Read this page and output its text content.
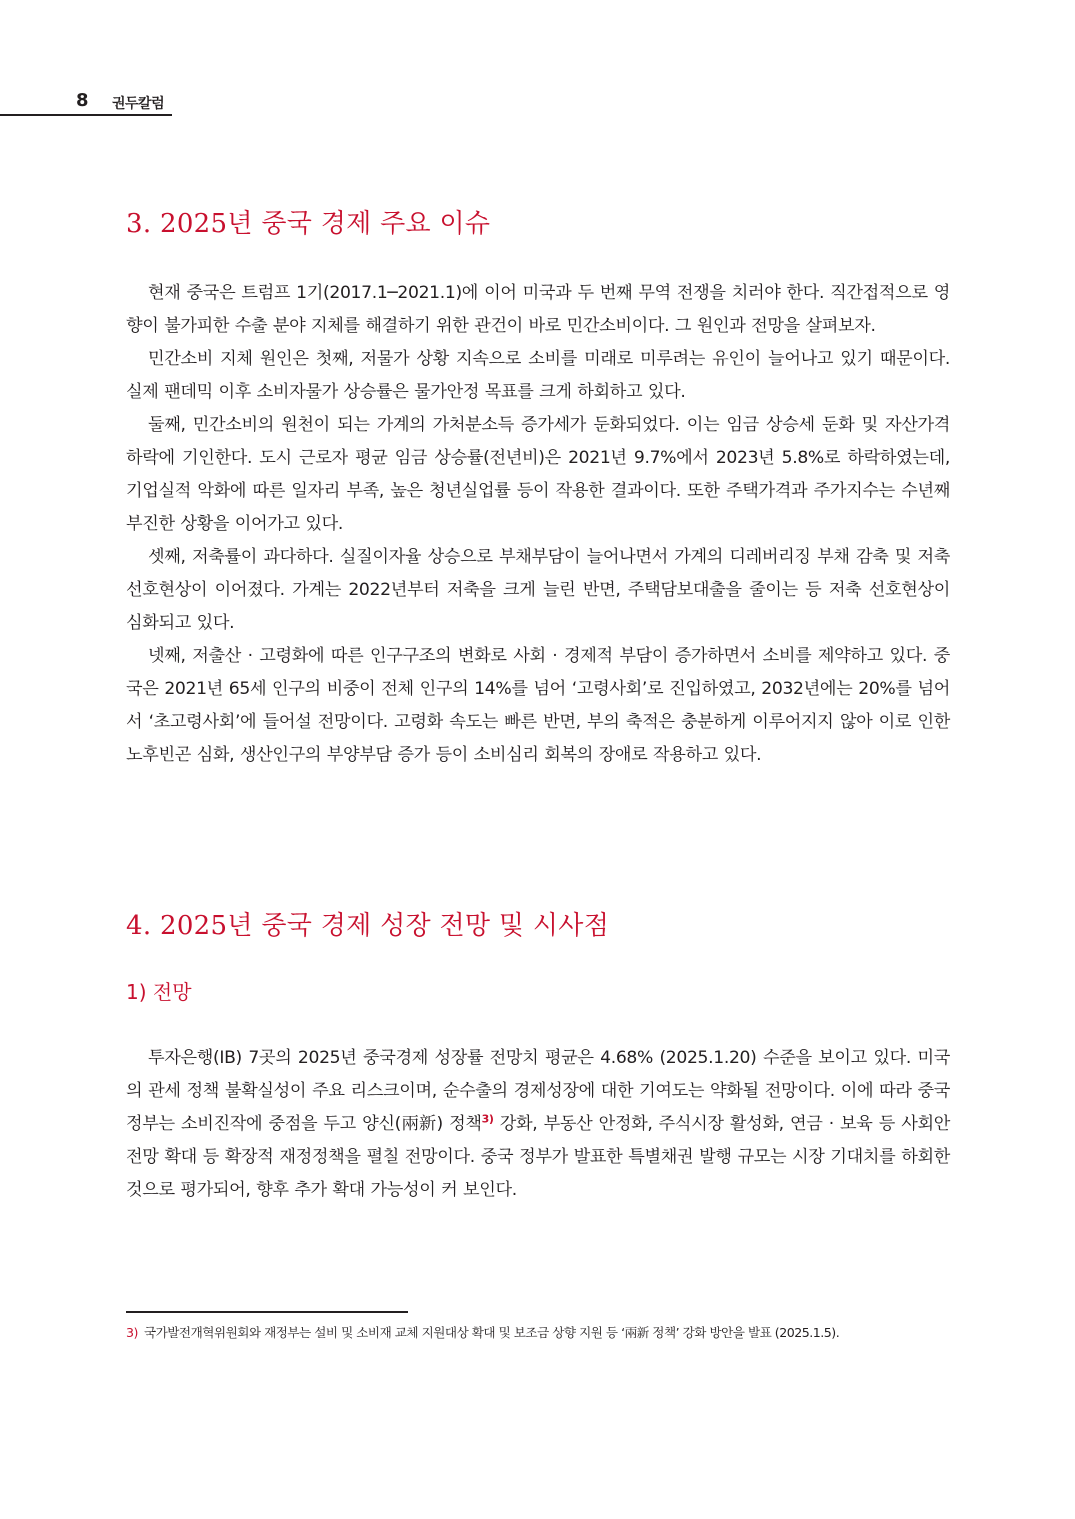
8 권두칼럼
3. 2025년 중국 경제 주요 이슈

현재 중국은 트럼프 1기(2017.1─2021.1)에 이어 미국과 두 번째 무역 전쟁을 치러야 한다. 직간접적으로 영향이 불가피한 수출 분야 지체를 해결하기 위한 관건이 바로 민간소비이다. 그 원인과 전망을 살펴보자.

민간소비 지체 원인은 첫째, 저물가 상황 지속으로 소비를 미래로 미루려는 유인이 늘어나고 있기 때문이다. 실제 팬데믹 이후 소비자물가 상승률은 물가안정 목표를 크게 하회하고 있다.

둘째, 민간소비의 원천이 되는 가계의 가처분소득 증가세가 둔화되었다. 이는 임금 상승세 둔화 및 자산가격 하락에 기인한다. 도시 근로자 평균 임금 상승률(전년비)은 2021년 9.7%에서 2023년 5.8%로 하락하였는데, 기업실적 악화에 따른 일자리 부족, 높은 청년실업률 등이 작용한 결과이다. 또한 주택가격과 주가지수는 수년째 부진한 상황을 이어가고 있다.

셋째, 저축률이 과다하다. 실질이자율 상승으로 부채부담이 늘어나면서 가계의 디레버리징 부채 감축 및 저축 선호현상이 이어졌다. 가계는 2022년부터 저축을 크게 늘린 반면, 주택담보대출을 줄이는 등 저축 선호현상이 심화되고 있다.

넷째, 저출산 · 고령화에 따른 인구구조의 변화로 사회 · 경제적 부담이 증가하면서 소비를 제약하고 있다. 중국은 2021년 65세 인구의 비중이 전체 인구의 14%를 넘어 ‘고령사회’로 진입하였고, 2032년에는 20%를 넘어서 ‘초고령사회’에 들어설 전망이다. 고령화 속도는 빠른 반면, 부의 축적은 충분하게 이루어지지 않아 이로 인한 노후빈곤 심화, 생산인구의 부양부담 증가 등이 소비심리 회복의 장애로 작용하고 있다.

4. 2025년 중국 경제 성장 전망 및 시사점
1) 전망

투자은행(IB) 7곳의 2025년 중국경제 성장률 전망치 평균은 4.68% (2025.1.20) 수준을 보이고 있다. 미국의 관세 정책 불확실성이 주요 리스크이며, 순수출의 경제성장에 대한 기여도는 약화될 전망이다. 이에 따라 중국 정부는 소비진작에 중점을 두고 양신(兩新) 정책$^{3)}$ 강화, 부동산 안정화, 주식시장 활성화, 연금 · 보육 등 사회안전망 확대 등 확장적 재정정책을 펼칠 전망이다. 중국 정부가 발표한 특별채권 발행 규모는 시장 기대치를 하회한 것으로 평가되어, 향후 추가 확대 가능성이 커 보인다.

3) 국가발전개혁위원회와 재정부는 설비 및 소비재 교체 지원대상 확대 및 보조금 상향 지원 등 ‘兩新 정책’ 강화 방안을 발표 (2025.1.5).
